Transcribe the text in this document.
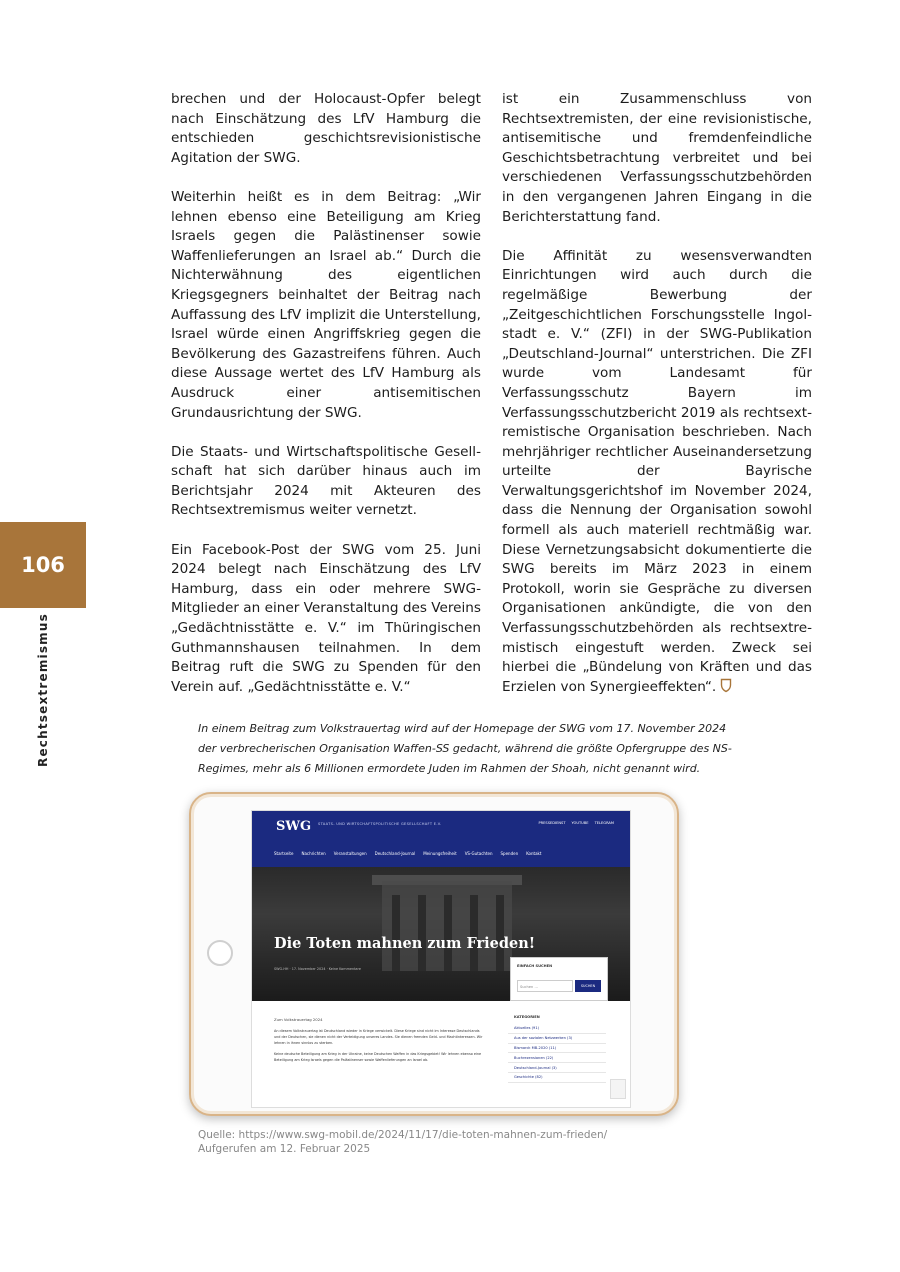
brechen und der Holocaust-Opfer belegt nach Einschätzung des LfV Hamburg die entschieden geschichtsrevisionistische Agitation der SWG.

Weiterhin heißt es in dem Beitrag: „Wir lehnen ebenso eine Beteiligung am Krieg Israels gegen die Palästinenser sowie Waffenlieferungen an Israel ab.“ Durch die Nichterwähnung des eigentlichen Kriegsgegners beinhaltet der Beitrag nach Auffassung des LfV implizit die Unterstellung, Israel würde einen Angriffskrieg gegen die Bevölkerung des Gazastreifens führen. Auch diese Aussage wertet des LfV Hamburg als Ausdruck einer antisemitischen Grundausrichtung der SWG.

Die Staats- und Wirtschaftspolitische Gesellschaft hat sich darüber hinaus auch im Berichtsjahr 2024 mit Akteuren des Rechtsextremismus weiter vernetzt.

Ein Facebook-Post der SWG vom 25. Juni 2024 belegt nach Einschätzung des LfV Hamburg, dass ein oder mehrere SWG-Mitglieder an einer Veranstaltung des Vereins „Gedächtnisstätte e. V.“ im Thüringischen Guthmannshausen teilnahmen. In dem Beitrag ruft die SWG zu Spenden für den Verein auf. „Gedächtnisstätte e. V.“

ist ein Zusammenschluss von Rechtsextremisten, der eine revisionistische, antisemitische und fremdenfeindliche Geschichtsbetrachtung verbreitet und bei verschiedenen Verfassungsschutzbehörden in den vergangenen Jahren Eingang in die Berichterstattung fand.

Die Affinität zu wesensverwandten Einrichtungen wird auch durch die regelmäßige Bewerbung der „Zeitgeschichtlichen Forschungsstelle Ingolstadt e. V.“ (ZFI) in der SWG-Publikation „Deutschland-Journal“ unterstrichen. Die ZFI wurde vom Landesamt für Verfassungsschutz Bayern im Verfassungsschutzbericht 2019 als rechtsextremistische Organisation beschrieben. Nach mehrjähriger rechtlicher Auseinandersetzung urteilte der Bayrische Verwaltungsgerichtshof im November 2024, dass die Nennung der Organisation sowohl formell als auch materiell rechtmäßig war. Diese Vernetzungsabsicht dokumentierte die SWG bereits im März 2023 in einem Protokoll, worin sie Gespräche zu diversen Organisationen ankündigte, die von den Verfassungsschutzbehörden als rechtsextremistisch eingestuft werden. Zweck sei hierbei die „Bündelung von Kräften und das Erzielen von Synergieeffekten“.

106
Rechtsextremismus	In einem Beitrag zum Volkstrauertag wird auf der Homepage der SWG vom 17. November 2024 der verbrecherischen Organisation Waffen-SS gedacht, während die größte Opfergruppe des NS-Regimes, mehr als 6 Millionen ermordete Juden im Rahmen der Shoah, nicht genannt wird.
SWG STAATS- UND WIRTSCHAFTSPOLITISCHE GESELLSCHAFT E.V.	PRESSEDIENST YOUTUBE TELEGRAM
Startseite Nachrichten Veranstaltungen Deutschland-Journal Meinungsfreiheit VS-Gutachten Spenden Kontakt
Die Toten mahnen zum Frieden!
SWG-HH · 17. November 2024 · Keine Kommentare
EINFACH SUCHEN
Suchen ...	SUCHEN
Zum Volkstrauertag 2024
An diesem Volkstrauertag ist Deutschland wieder in Kriege verwickelt. Diese Kriege sind nicht im Interesse Deutschlands und der Deutschen, sie dienen nicht der Verteidigung unseres Landes. Sie dienen fremden Geld- und Machtinteressen. Wir lehnen in ihnen sinnlos zu sterben.
Keine deutsche Beteiligung am Krieg in der Ukraine, keine Deutschen Waffen in das Kriegsgebiet! Wir lehnen ebenso eine Beteiligung am Krieg Israels gegen die Palästinenser sowie Waffenlieferungen an Israel ab.
KATEGORIEN
Aktuelles (91)
Aus der sozialen Netzwerken (3)
Bismarck MB-2020 (11)
Buchrezensionen (22)
Deutschland-Journal (3)
Geschichte (82)
Quelle: https://www.swg-mobil.de/2024/11/17/die-toten-mahnen-zum-frieden/
Aufgerufen am 12. Februar 2025
